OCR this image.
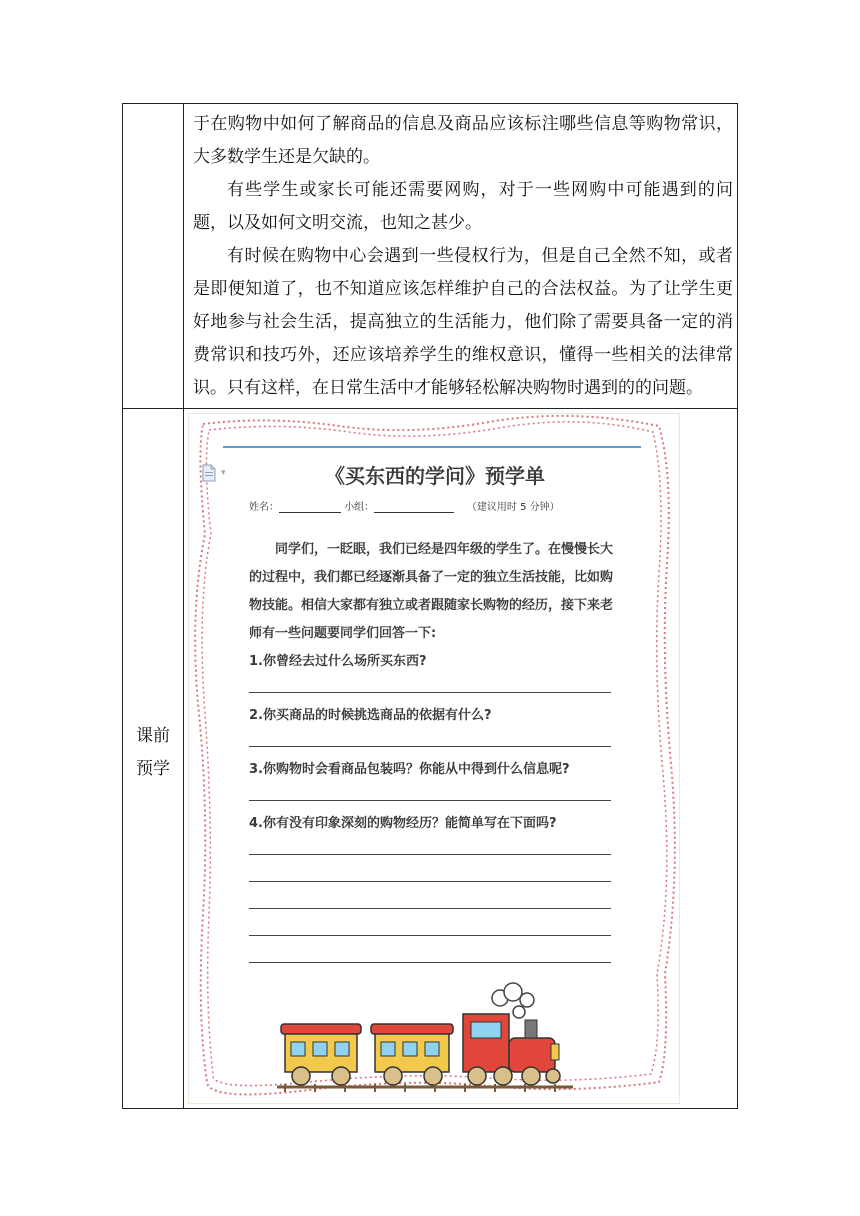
于在购物中如何了解商品的信息及商品应该标注哪些信息等购物常识，大多数学生还是欠缺的。

有些学生或家长可能还需要网购，对于一些网购中可能遇到的问题，以及如何文明交流，也知之甚少。

有时候在购物中心会遇到一些侵权行为，但是自己全然不知，或者是即便知道了，也不知道应该怎样维护自己的合法权益。为了让学生更好地参与社会生活，提高独立的生活能力，他们除了需要具备一定的消费常识和技巧外，还应该培养学生的维权意识，懂得一些相关的法律常识。只有这样，在日常生活中才能够轻松解决购物时遇到的的问题。

课前
预学
▾	《买东西的学问》预学单
姓名：	小组：	（建议用时 5 分钟）

同学们，一眨眼，我们已经是四年级的学生了。在慢慢长大的过程中，我们都已经逐渐具备了一定的独立生活技能，比如购物技能。相信大家都有独立或者跟随家长购物的经历，接下来老师有一些问题要同学们回答一下:

1.你曾经去过什么场所买东西?
2.你买商品的时候挑选商品的依据有什么?
3.你购物时会看商品包装吗？你能从中得到什么信息呢?
4.你有没有印象深刻的购物经历？能简单写在下面吗?
